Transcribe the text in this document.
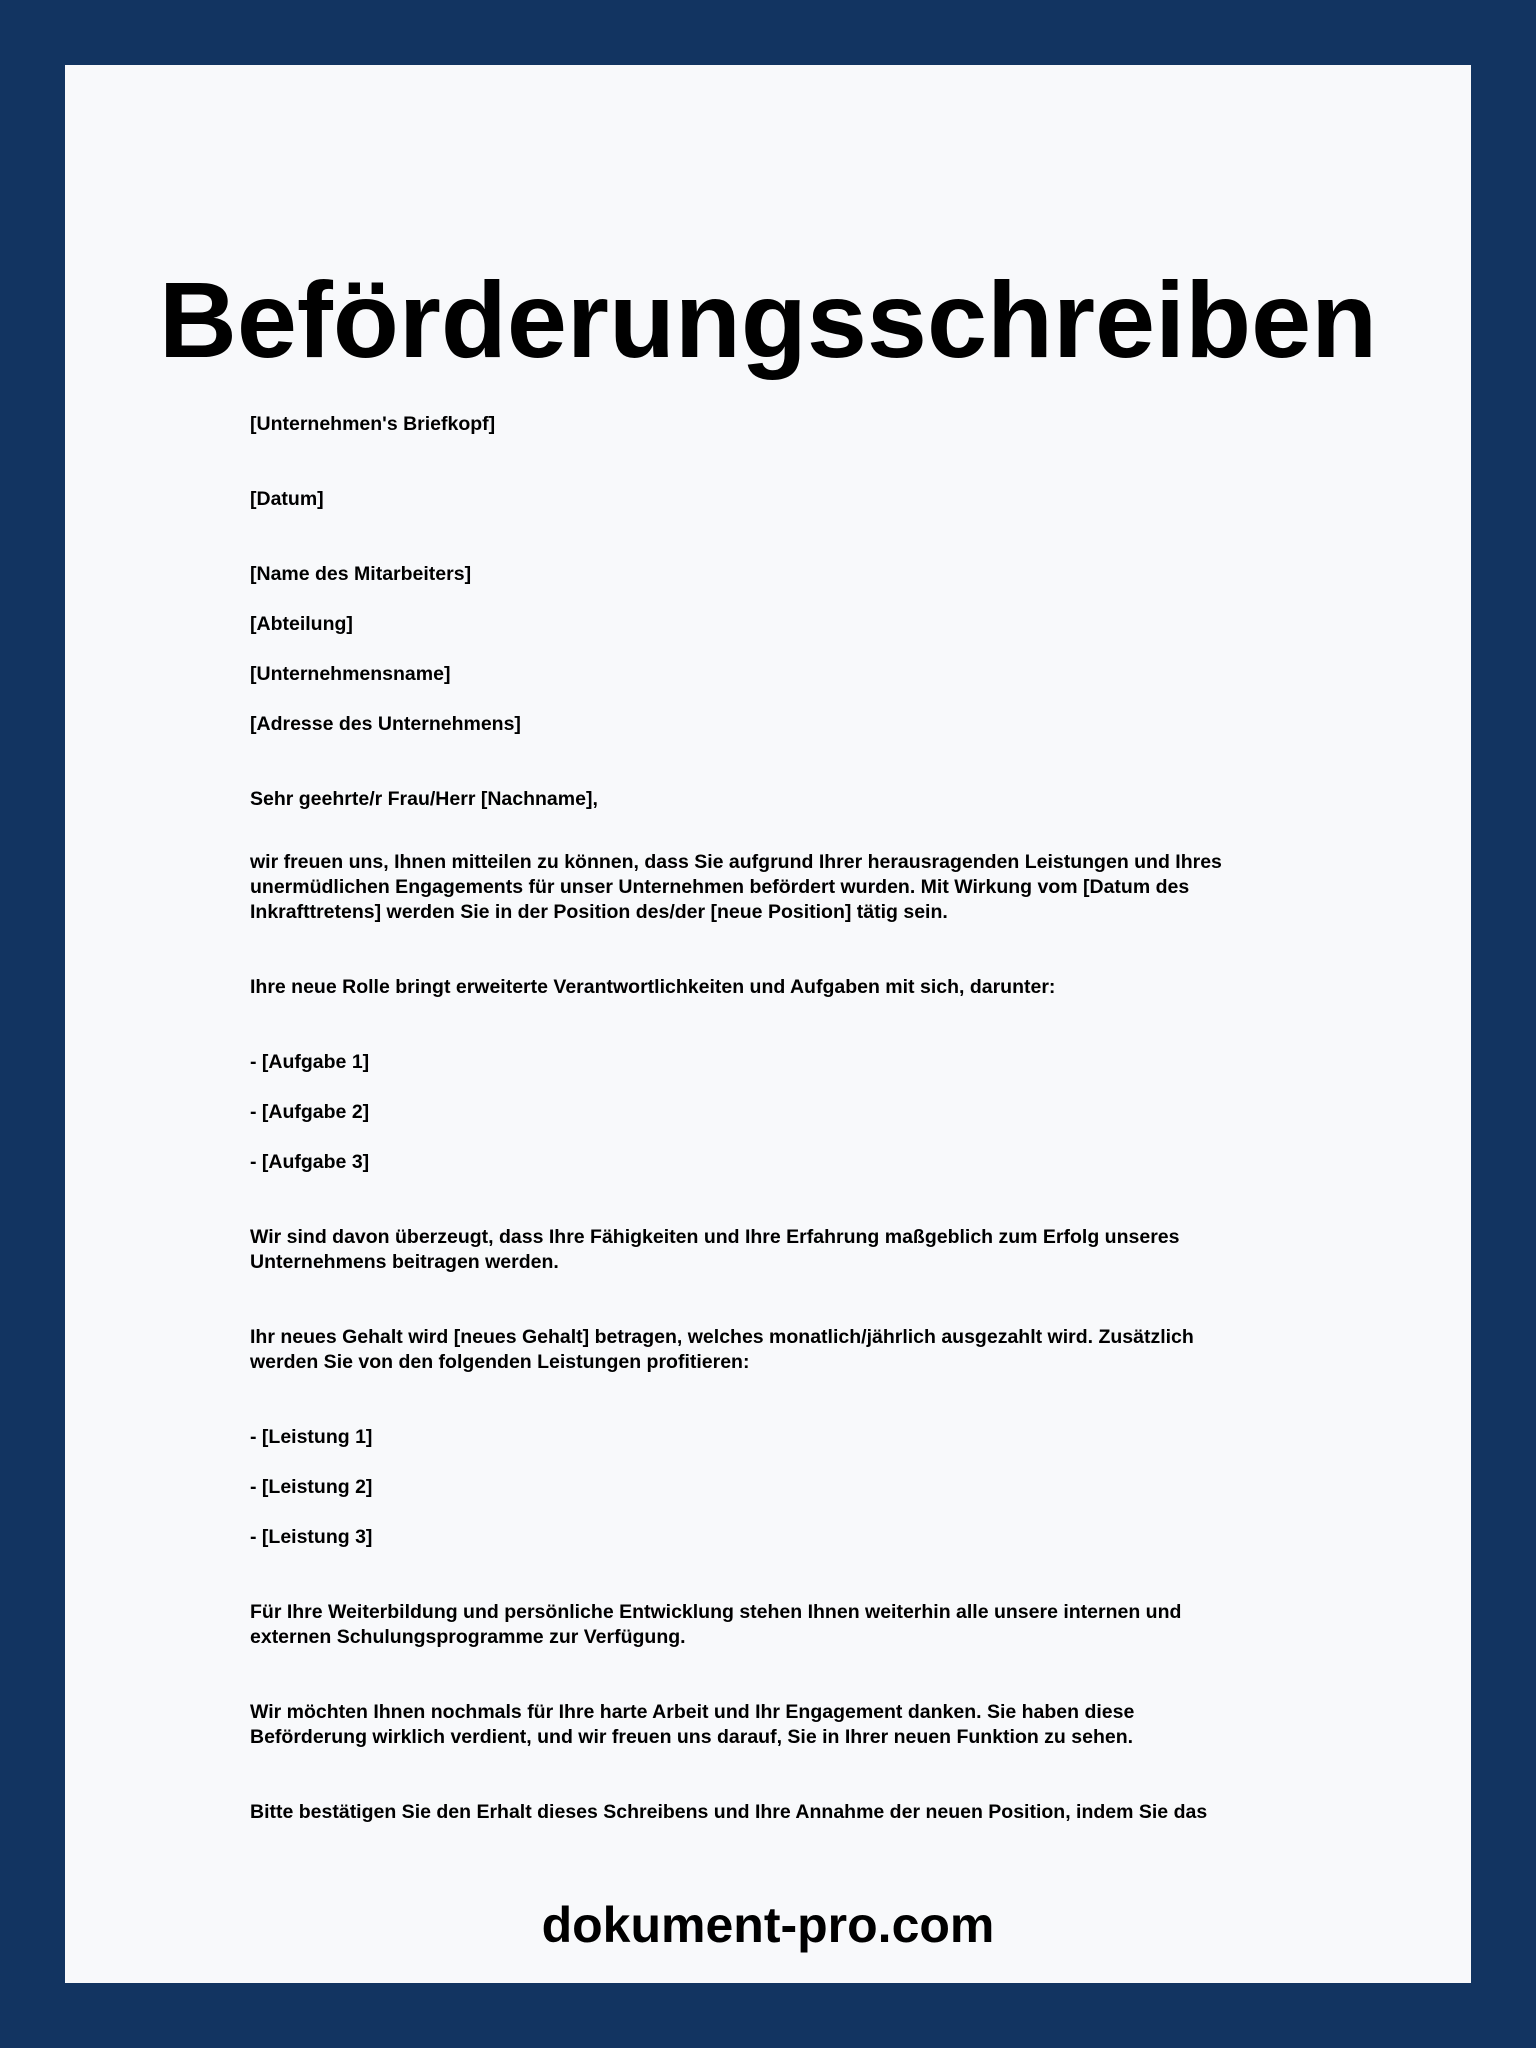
Beförderungsschreiben

[Unternehmen's Briefkopf]

[Datum]

[Name des Mitarbeiters]

[Abteilung]

[Unternehmensname]

[Adresse des Unternehmens]

Sehr geehrte/r Frau/Herr [Nachname],

wir freuen uns, Ihnen mitteilen zu können, dass Sie aufgrund Ihrer herausragenden Leistungen und Ihres

unermüdlichen Engagements für unser Unternehmen befördert wurden. Mit Wirkung vom [Datum des

Inkrafttretens] werden Sie in der Position des/der [neue Position] tätig sein.

Ihre neue Rolle bringt erweiterte Verantwortlichkeiten und Aufgaben mit sich, darunter:

- [Aufgabe 1]

- [Aufgabe 2]

- [Aufgabe 3]

Wir sind davon überzeugt, dass Ihre Fähigkeiten und Ihre Erfahrung maßgeblich zum Erfolg unseres

Unternehmens beitragen werden.

Ihr neues Gehalt wird [neues Gehalt] betragen, welches monatlich/jährlich ausgezahlt wird. Zusätzlich

werden Sie von den folgenden Leistungen profitieren:

- [Leistung 1]

- [Leistung 2]

- [Leistung 3]

Für Ihre Weiterbildung und persönliche Entwicklung stehen Ihnen weiterhin alle unsere internen und

externen Schulungsprogramme zur Verfügung.

Wir möchten Ihnen nochmals für Ihre harte Arbeit und Ihr Engagement danken. Sie haben diese

Beförderung wirklich verdient, und wir freuen uns darauf, Sie in Ihrer neuen Funktion zu sehen.

Bitte bestätigen Sie den Erhalt dieses Schreibens und Ihre Annahme der neuen Position, indem Sie das

dokument-pro.com
